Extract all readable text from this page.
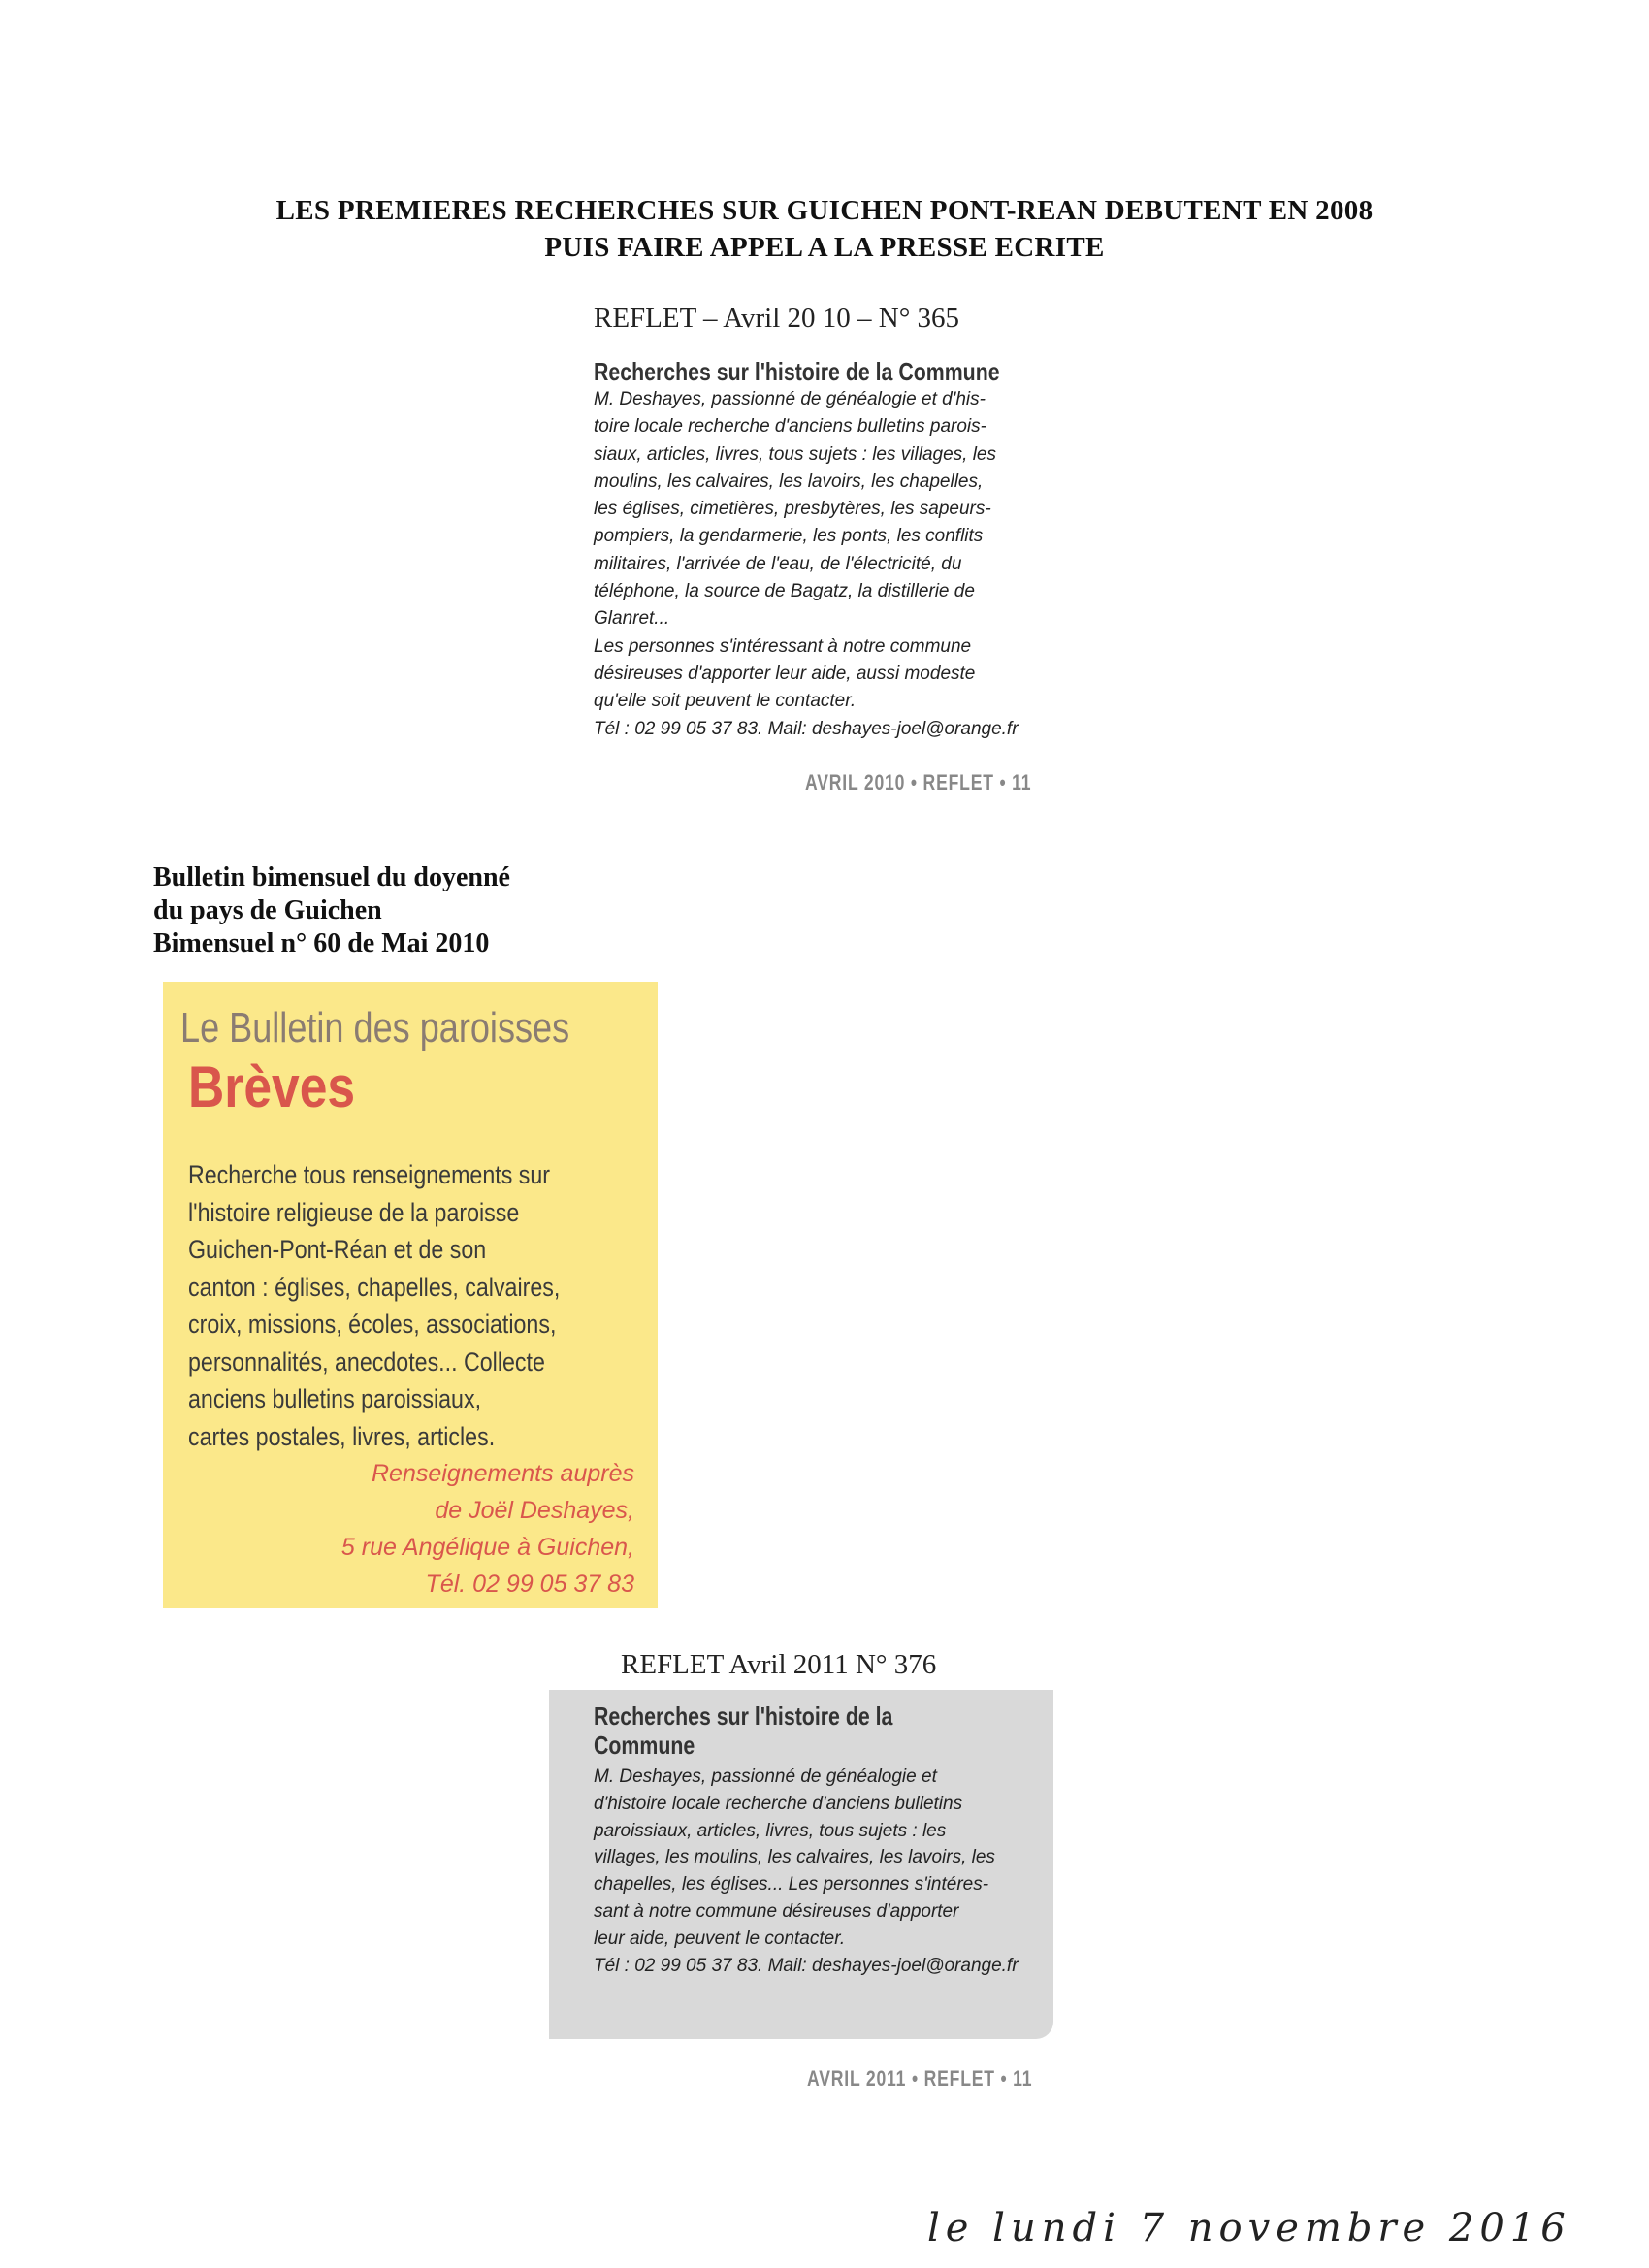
LES PREMIERES RECHERCHES SUR GUICHEN PONT-REAN DEBUTENT EN 2008
PUIS FAIRE APPEL A LA PRESSE ECRITE
REFLET – Avril 20 10 – N° 365
Recherches sur l'histoire de la Commune
M. Deshayes, passionné de généalogie et d'his-
toire locale recherche d'anciens bulletins parois-
siaux, articles, livres, tous sujets : les villages, les
moulins, les calvaires, les lavoirs, les chapelles,
les églises, cimetières, presbytères, les sapeurs-
pompiers, la gendarmerie, les ponts, les conflits
militaires, l'arrivée de l'eau, de l'électricité, du
téléphone, la source de Bagatz, la distillerie de
Glanret...
Les personnes s'intéressant à notre commune
désireuses d'apporter leur aide, aussi modeste
qu'elle soit peuvent le contacter.
Tél : 02 99 05 37 83. Mail: deshayes-joel@orange.fr
AVRIL 2010 • REFLET • 11
Bulletin bimensuel du doyenné
du pays de Guichen
Bimensuel n° 60 de Mai 2010
Le Bulletin des paroisses
Brèves
Recherche tous renseignements sur
l'histoire religieuse de la paroisse
Guichen-Pont-Réan et de son
canton : églises, chapelles, calvaires,
croix, missions, écoles, associations,
personnalités, anecdotes... Collecte
anciens bulletins paroissiaux,
cartes postales, livres, articles.
Renseignements auprès
de Joël Deshayes,
5 rue Angélique à Guichen,
Tél. 02 99 05 37 83
REFLET Avril 2011 N° 376
Recherches sur l'histoire de la
Commune
M. Deshayes, passionné de généalogie et
d'histoire locale recherche d'anciens bulletins
paroissiaux, articles, livres, tous sujets : les
villages, les moulins, les calvaires, les lavoirs, les
chapelles, les églises... Les personnes s'intéres-
sant à notre commune désireuses d'apporter
leur aide, peuvent le contacter.
Tél : 02 99 05 37 83. Mail: deshayes-joel@orange.fr
AVRIL 2011 • REFLET • 11
le lundi 7 novembre 2016
